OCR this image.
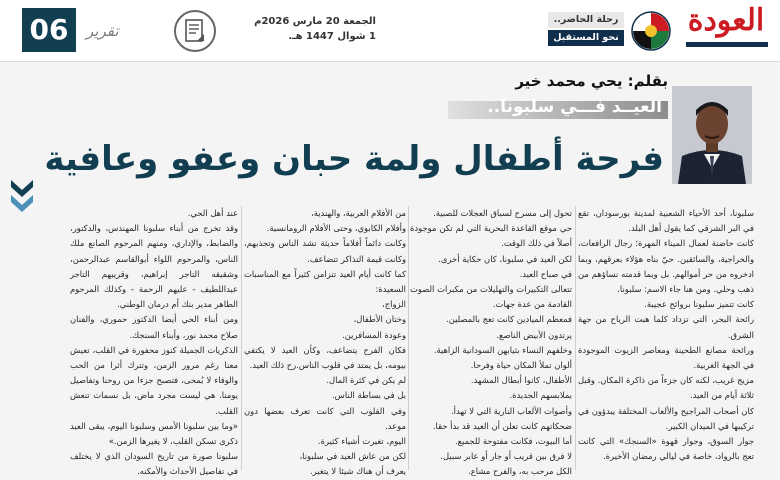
06	تقرير
الجمعة 20 مارس 2026م
1 شوال 1447 هـ.
رحلة الحاضر..
نحو المستقبل	العودة
بقلم: يحي محمد خير
العيــد فـــي سلبونا..
فرحة أطفال ولمة حبان وعفو وعافية

سلبونا، أحد الأحياء الشعبية لمدينة بورسودان، تقع في البر الشرقي كما يقول أهل البلد.

كانت حاضنة لعمال الميناء المهرة؛ رجال الرافعات، والخراجية، والسائقين. حيّ بناه هؤلاء بعرقهم، وبما ادخروه من حر أموالهم. بل وبما قدمته نساؤهم من ذهب وحلي. ومن هنا جاء الاسم: سلبونا.

كانت تتميز سلبونا بروائح عجيبة.

رائحة البحر، التي تزداد كلما هبت الرياح من جهة الشرق.

ورائحة مصانع الطحينة ومعاصر الزيوت الموجودة في الجهة الغربية.

مزيج غريب، لكنه كان جزءاً من ذاكرة المكان. وقبل ثلاثة أيام من العيد.

كان أصحاب المراجيح والألعاب المختلفة يبدؤون في تركيبها في الميدان الكبير.

جوار السوق، وجوار قهوة «السنجك» التي كانت تعج بالرواد، خاصة في ليالي رمضان الأخيرة.

تحول إلى مسرح لسباق العجلات للصبية.

حي موقع القاعدة البحرية التي لم تكن موجودة أصلاً في ذلك الوقت.

لكن العيد في سلبونا، كان حكاية أخرى.

في صباح العيد.

تتعالى التكبيرات والتهليلات من مكبرات الصوت القادمة من عدة جهات.

فمعظم الميادين كانت تعج بالمصلين.

يرتدون الأبيض الناصع.

وخلفهم النساء بثيابهن السودانية الزاهية.

ألوان تملأ المكان حياة وفرحا.

الأطفال، كانوا أبطال المشهد.

بملابسهم الجديدة.

وأصوات الألعاب النارية التي لا تهدأ.

ضحكاتهم كانت تعلن أن العيد قد بدأ حقا.

أما البيوت، فكانت مفتوحة للجميع.

لا فرق بين قريب أو جار أو عابر سبيل.

الكل مرحب به، والفرح مشاع.

من الأفلام العربية، والهندية،

وأفلام الكابوي، وحتى الأفلام الرومانسية.

وكانت دائماً أفلاماً حديثة تشد الناس وتجذبهم، وكانت قيمة التذاكر تتضاعف.

كما كانت أيام العيد تتزامن كثيراً مع المناسبات السعيدة:

الزواج،

وختان الأطفال،

وعودة المسافرين.

فكان الفرح يتضاعف، وكأن العيد لا يكتفي بيومه، بل يمتد في قلوب الناس.رح ذلك العيد.

لم يكن في كثرة المال.

بل في بساطة الناس.

وفي القلوب التي كانت تعرف بعضها دون موعد.

اليوم، تغيرت أشياء كثيرة.

لكن من عاش العيد في سلبونا،

يعرف أن هناك شيئا لا يتغير.

عند أهل الحي.

وقد تخرج من أبناء سلبونا المهندس، والدكتور، والضابط، والإداري، ومنهم المرحوم الصانع ملك الناس، والمرحوم اللواء أبوالقاسم عبدالرحمن، وشقيقه التاجر إبراهيم، وقريبهم التاجر عبداللطيف - عليهم الرحمة - وكذلك المرحوم الطاهر مدير بنك أم درمان الوطني.

ومن أبناء الحي أيضا الدكتور حموري، والفنان صلاح محمد نور، وأبناء السنجك.

الذكريات الجميلة كنوز محفورة في القلب، تعيش معنا رغم مرور الزمن، وتترك أثرا من الحب والوفاء لا يُمحى، فتصبح جزءا من روحنا وتفاصيل يومنا. هي ليست مجرد ماض، بل نسمات تنعش القلب.

«وما بين سلبونا الأمس وسلبونا اليوم، يبقى العيد ذكرى تسكن القلب، لا يغيرها الزمن.»

سلبونا صورة من تاريخ السودان الذي لا يختلف في تفاصيل الأحداث والأمكنه.
